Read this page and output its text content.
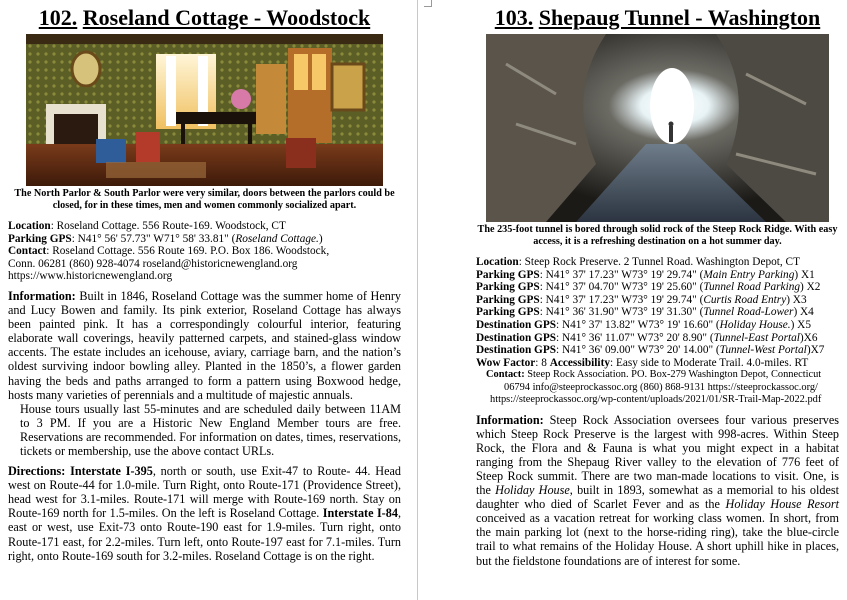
102. Roseland Cottage - Woodstock
The North Parlor & South Parlor were very similar, doors between the parlors could be closed, for in these times, men and women commonly socialized apart.
Location: Roseland Cottage. 556 Route-169. Woodstock, CT
Parking GPS: N41° 56' 57.73" W71° 58' 33.81" (Roseland Cottage.)
Contact: Roseland Cottage. 556 Route 169. P.O. Box 186. Woodstock,
Conn. 06281 (860) 928-4074 roseland@historicnewengland.org
https://www.historicnewengland.org

Information: Built in 1846, Roseland Cottage was the summer home of Henry and Lucy Bowen and family. Its pink exterior, Roseland Cottage has always been painted pink. It has a correspondingly colourful interior, featuring elaborate wall coverings, heavily patterned carpets, and stained-glass window accents. The estate includes an icehouse, aviary, carriage barn, and the nation’s oldest surviving indoor bowling alley. Planted in the 1850’s, a flower garden having the beds and paths arranged to form a pattern using Boxwood hedge, hosts many varieties of perennials and a multitude of majestic annuals.

House tours usually last 55-minutes and are scheduled daily between 11AM to 3 PM. If you are a Historic New England Member tours are free. Reservations are recommended. For information on dates, times, reservations, tickets or membership, use the above contact URLs.

Directions: Interstate I-395, north or south, use Exit-47 to Route- 44. Head west on Route-44 for 1.0-mile. Turn Right, onto Route-171 (Providence Street), head west for 3.1-miles. Route-171 will merge with Route-169 north. Stay on Route-169 north for 1.5-miles. On the left is Roseland Cottage. Interstate I-84, east or west, use Exit-73 onto Route-190 east for 1.9-miles. Turn right, onto Route-171 east, for 2.2-miles. Turn left, onto Route-197 east for 7.1-miles. Turn right, onto Route-169 south for 3.2-miles. Roseland Cottage is on the right.

103. Shepaug Tunnel - Washington
The 235-foot tunnel is bored through solid rock of the Steep Rock Ridge. With easy access, it is a refreshing destination on a hot summer day.
Location: Steep Rock Preserve. 2 Tunnel Road. Washington Depot, CT
Parking GPS: N41° 37' 17.23" W73° 19' 29.74" (Main Entry Parking) X1
Parking GPS: N41° 37' 04.70" W73° 19' 25.60" (Tunnel Road Parking) X2
Parking GPS: N41° 37' 17.23" W73° 19' 29.74" (Curtis Road Entry) X3
Parking GPS: N41° 36' 31.90" W73° 19' 31.30" (Tunnel Road-Lower) X4
Destination GPS: N41° 37' 13.82" W73° 19' 16.60" (Holiday House.) X5
Destination GPS: N41° 36' 11.07" W73° 20' 8.90" (Tunnel-East Portal)X6
Destination GPS: N41° 36' 09.00" W73° 20' 14.00" (Tunnel-West Portal)X7
Wow Factor: 8 Accessibility: Easy side to Moderate Trail. 4.0-miles. RT
Contact: Steep Rock Association. PO. Box-279 Washington Depot, Connecticut
06794 info@steeprockassoc.org (860) 868-9131 https://steeprockassoc.org/
https://steeprockassoc.org/wp-content/uploads/2021/01/SR-Trail-Map-2022.pdf

Information: Steep Rock Association oversees four various preserves which Steep Rock Preserve is the largest with 998-acres. Within Steep Rock, the Flora and & Fauna is what you might expect in a habitat ranging from the Shepaug River valley to the elevation of 776 feet of Steep Rock summit. There are two man-made locations to visit. One, is the Holiday House, built in 1893, somewhat as a memorial to his oldest daughter who died of Scarlet Fever and as the Holiday House Resort conceived as a vacation retreat for working class women. In short, from the main parking lot (next to the horse-riding ring), take the blue-circle trail to what remains of the Holiday House. A short uphill hike in places, but the fieldstone foundations are of interest for some.
